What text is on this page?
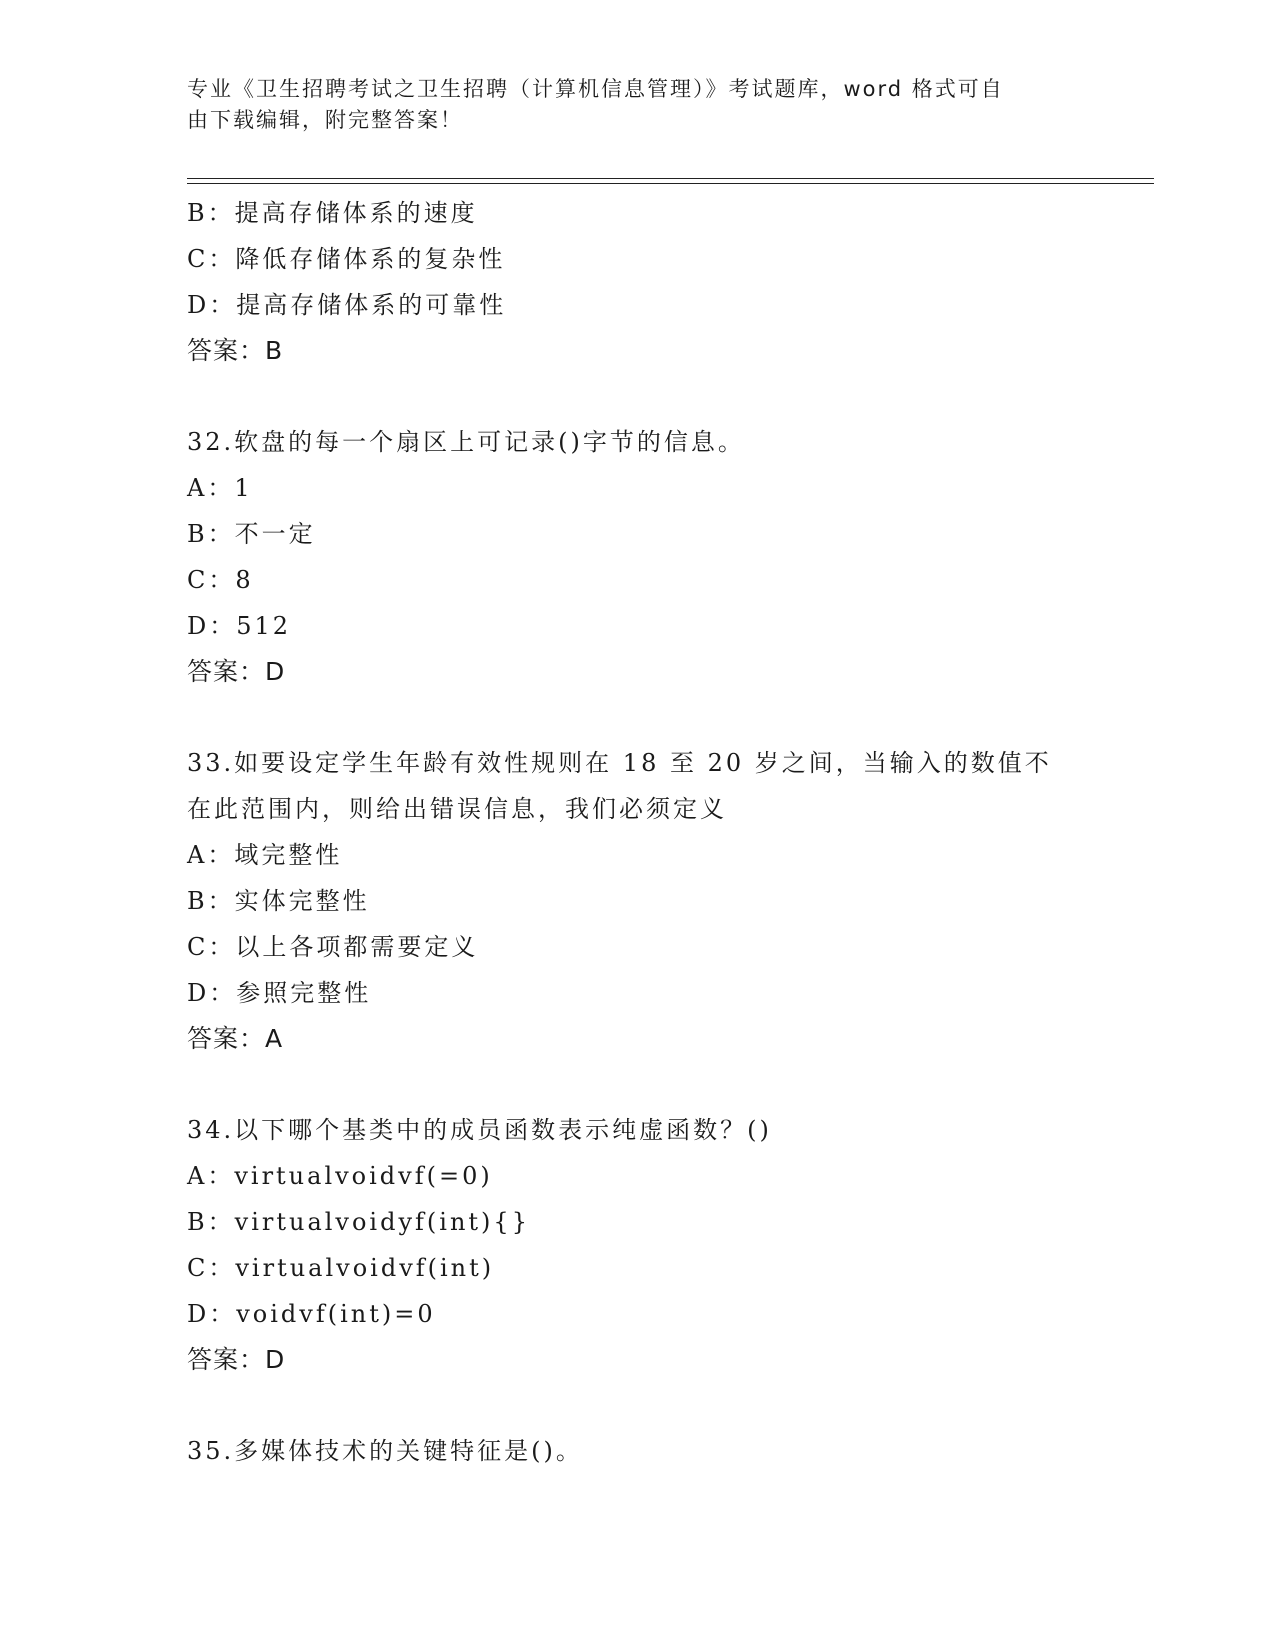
专业《卫生招聘考试之卫生招聘（计算机信息管理）》考试题库，word 格式可自
由下载编辑，附完整答案！
B：提高存储体系的速度
C：降低存储体系的复杂性
D：提高存储体系的可靠性
答案：B
32.软盘的每一个扇区上可记录()字节的信息。
A：1
B：不一定
C：8
D：512
答案：D
33.如要设定学生年龄有效性规则在 18 至 20 岁之间，当输入的数值不
在此范围内，则给出错误信息，我们必须定义
A：域完整性
B：实体完整性
C：以上各项都需要定义
D：参照完整性
答案：A
34.以下哪个基类中的成员函数表示纯虚函数？()
A：virtualvoidvf(=0)
B：virtualvoidyf(int){}
C：virtualvoidvf(int)
D：voidvf(int)=0
答案：D
35.多媒体技术的关键特征是()。
